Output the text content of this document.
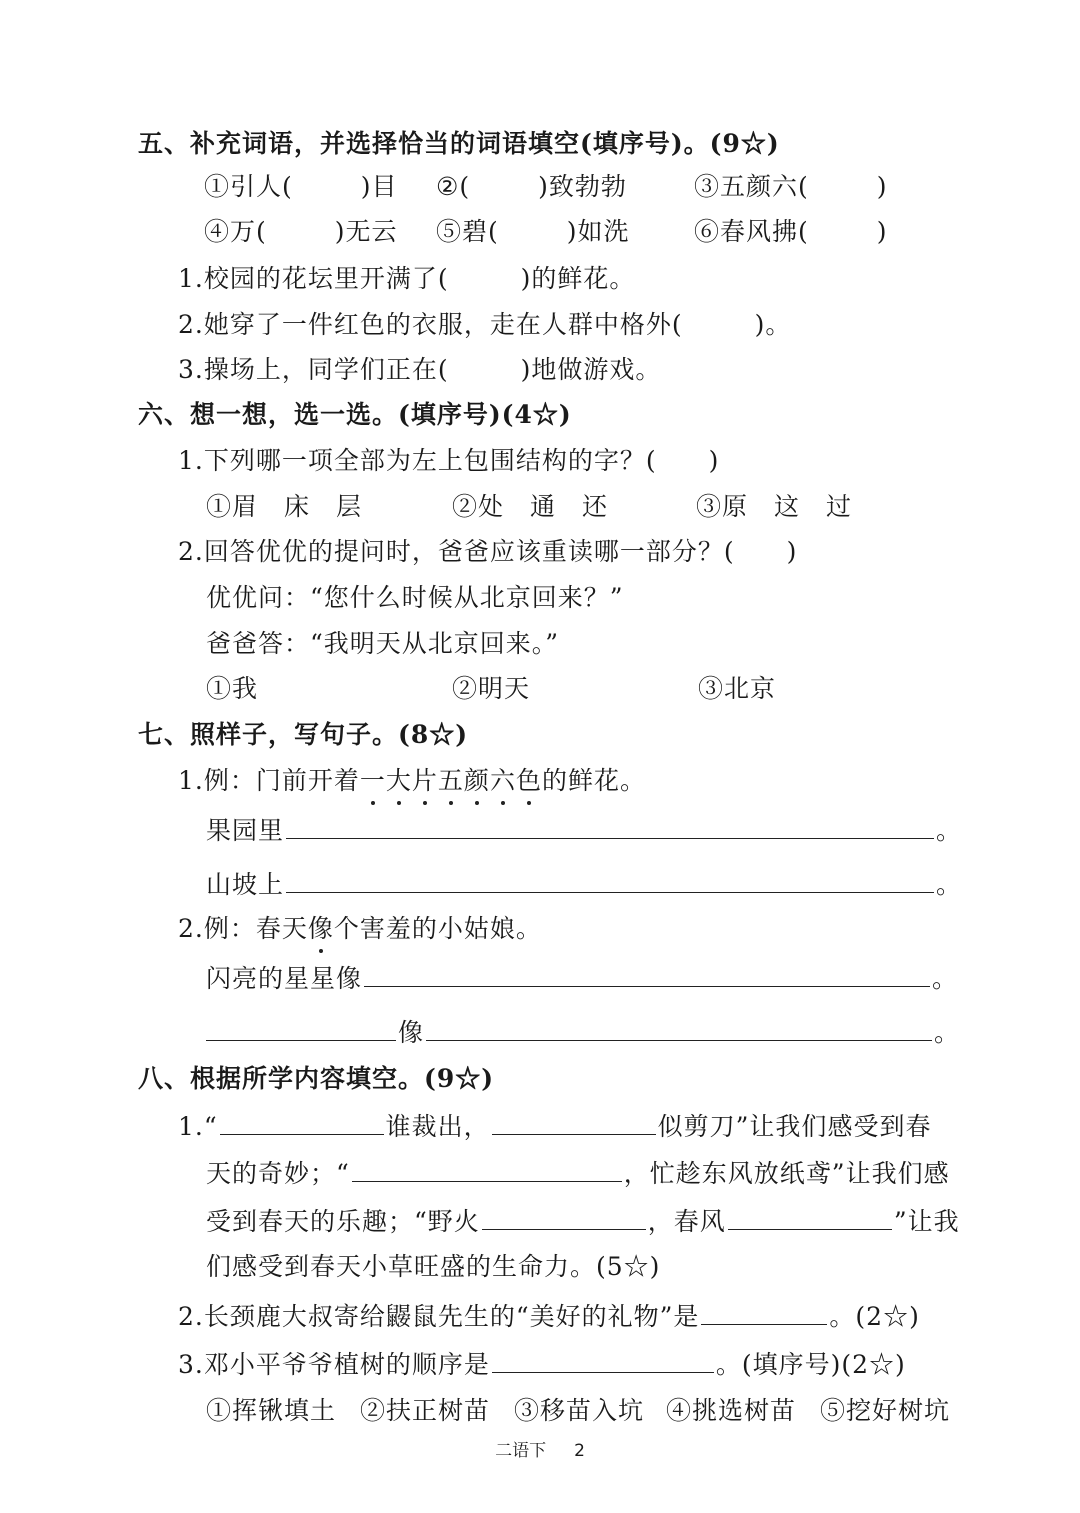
五、补充词语，并选择恰当的词语填空(填序号)。(9☆)
①引人(	)目 ②(	)致勃勃	③五颜六(	)
④万(	)无云 ⑤碧(	)如洗	⑥春风拂(	)
1.校园的花坛里开满了(	)的鲜花。
2.她穿了一件红色的衣服，走在人群中格外(	)。
3.操场上，同学们正在(	)地做游戏。
六、想一想，选一选。(填序号)(4☆)
1.下列哪一项全部为左上包围结构的字？( )
①眉　床　层	②处　通　还	③原　这　过
2.回答优优的提问时，爸爸应该重读哪一部分？( )
优优问：“您什么时候从北京回来？”
爸爸答：“我明天从北京回来。”
①我	②明天	③北京
七、照样子，写句子。(8☆)
1.例：门前开着一大片五颜六色的鲜花。
果园里	。
山坡上	。
2.例：春天像个害羞的小姑娘。
闪亮的星星像	。
像	。
八、根据所学内容填空。(9☆)
1.“	谁裁出，	似剪刀”让我们感受到春
天的奇妙；“	，忙趁东风放纸鸢”让我们感
受到春天的乐趣；“野火	，春风	”让我
们感受到春天小草旺盛的生命力。(5☆)
2.长颈鹿大叔寄给鼹鼠先生的“美好的礼物”是	。(2☆)
3.邓小平爷爷植树的顺序是	。(填序号)(2☆)
①挥锹填土 ②扶正树苗 ③移苗入坑 ④挑选树苗 ⑤挖好树坑
二语下 2
